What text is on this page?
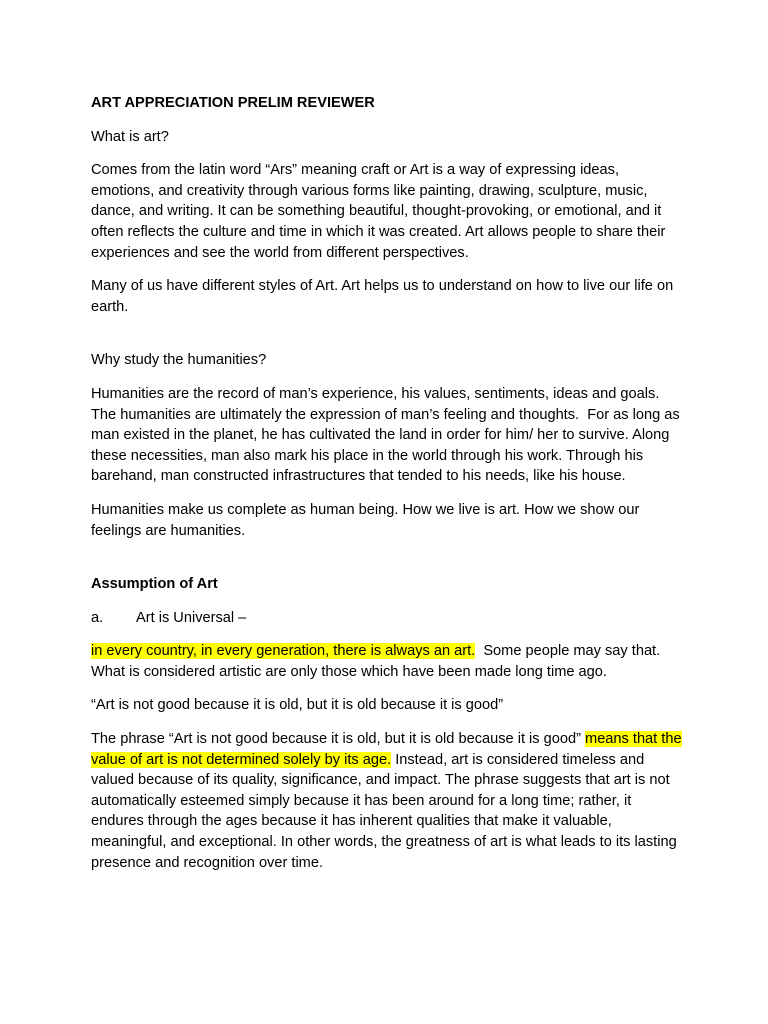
ART APPRECIATION PRELIM REVIEWER

What is art?

Comes from the latin word “Ars” meaning craft or Art is a way of expressing ideas, emotions, and creativity through various forms like painting, drawing, sculpture, music, dance, and writing. It can be something beautiful, thought-provoking, or emotional, and it often reflects the culture and time in which it was created. Art allows people to share their experiences and see the world from different perspectives.

Many of us have different styles of Art. Art helps us to understand on how to live our life on earth.

Why study the humanities?

Humanities are the record of man’s experience, his values, sentiments, ideas and goals. The humanities are ultimately the expression of man’s feeling and thoughts.  For as long as man existed in the planet, he has cultivated the land in order for him/ her to survive. Along these necessities, man also mark his place in the world through his work. Through his barehand, man constructed infrastructures that tended to his needs, like his house.

Humanities make us complete as human being. How we live is art. How we show our feelings are humanities.

Assumption of Art

a. Art is Universal –

in every country, in every generation, there is always an art.  Some people may say that. What is considered artistic are only those which have been made long time ago.

“Art is not good because it is old, but it is old because it is good”

The phrase “Art is not good because it is old, but it is old because it is good” means that the value of art is not determined solely by its age. Instead, art is considered timeless and valued because of its quality, significance, and impact. The phrase suggests that art is not automatically esteemed simply because it has been around for a long time; rather, it endures through the ages because it has inherent qualities that make it valuable, meaningful, and exceptional. In other words, the greatness of art is what leads to its lasting presence and recognition over time.
